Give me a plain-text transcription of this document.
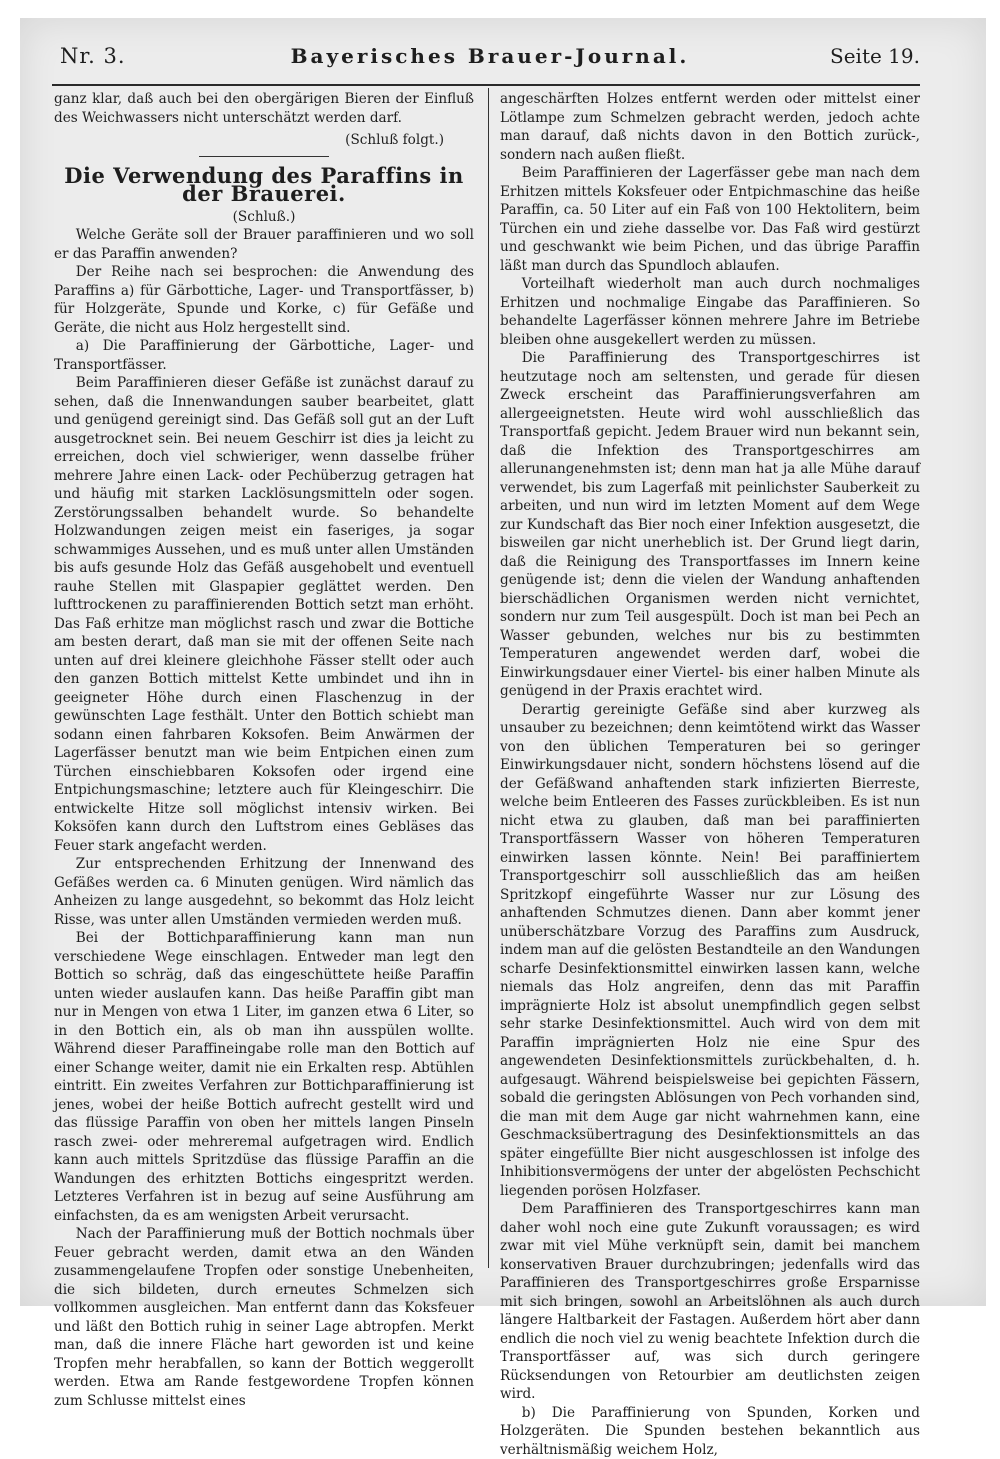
Nr. 3.	Bayerisches Brauer-Journal.	Seite 19.

ganz klar, daß auch bei den obergärigen Bieren der Einfluß des Weichwassers nicht unterschätzt werden darf.

(Schluß folgt.)
Die Verwendung des Paraffins in der Brauerei.

(Schluß.)

Welche Geräte soll der Brauer paraffinieren und wo soll er das Paraffin anwenden?

Der Reihe nach sei besprochen: die Anwendung des Paraffins a) für Gärbottiche, Lager- und Transportfässer, b) für Holzgeräte, Spunde und Korke, c) für Gefäße und Geräte, die nicht aus Holz hergestellt sind.

a) Die Paraffinierung der Gärbottiche, Lager- und Transportfässer.

Beim Paraffinieren dieser Gefäße ist zunächst darauf zu sehen, daß die Innenwandungen sauber bearbeitet, glatt und genügend gereinigt sind. Das Gefäß soll gut an der Luft ausgetrocknet sein. Bei neuem Geschirr ist dies ja leicht zu erreichen, doch viel schwieriger, wenn dasselbe früher mehrere Jahre einen Lack- oder Pechüberzug getragen hat und häufig mit starken Lacklösungsmitteln oder sogen. Zerstörungssalben behandelt wurde. So behandelte Holzwandungen zeigen meist ein faseriges, ja sogar schwammiges Aussehen, und es muß unter allen Umständen bis aufs gesunde Holz das Gefäß ausgehobelt und eventuell rauhe Stellen mit Glaspapier geglättet werden. Den lufttrockenen zu paraffinierenden Bottich setzt man erhöht. Das Faß erhitze man möglichst rasch und zwar die Bottiche am besten derart, daß man sie mit der offenen Seite nach unten auf drei kleinere gleichhohe Fässer stellt oder auch den ganzen Bottich mittelst Kette umbindet und ihn in geeigneter Höhe durch einen Flaschenzug in der gewünschten Lage festhält. Unter den Bottich schiebt man sodann einen fahrbaren Koksofen. Beim Anwärmen der Lagerfässer benutzt man wie beim Entpichen einen zum Türchen einschiebbaren Koksofen oder irgend eine Entpichungsmaschine; letztere auch für Kleingeschirr. Die entwickelte Hitze soll möglichst intensiv wirken. Bei Koksöfen kann durch den Luftstrom eines Gebläses das Feuer stark angefacht werden.

Zur entsprechenden Erhitzung der Innenwand des Gefäßes werden ca. 6 Minuten genügen. Wird nämlich das Anheizen zu lange ausgedehnt, so bekommt das Holz leicht Risse, was unter allen Umständen vermieden werden muß.

Bei der Bottichparaffinierung kann man nun verschiedene Wege einschlagen. Entweder man legt den Bottich so schräg, daß das eingeschüttete heiße Paraffin unten wieder auslaufen kann. Das heiße Paraffin gibt man nur in Mengen von etwa 1 Liter, im ganzen etwa 6 Liter, so in den Bottich ein, als ob man ihn ausspülen wollte. Während dieser Paraffineingabe rolle man den Bottich auf einer Schange weiter, damit nie ein Erkalten resp. Abtühlen eintritt. Ein zweites Verfahren zur Bottichparaffinierung ist jenes, wobei der heiße Bottich aufrecht gestellt wird und das flüssige Paraffin von oben her mittels langen Pinseln rasch zwei- oder mehreremal aufgetragen wird. Endlich kann auch mittels Spritzdüse das flüssige Paraffin an die Wandungen des erhitzten Bottichs eingespritzt werden. Letzteres Verfahren ist in bezug auf seine Ausführung am einfachsten, da es am wenigsten Arbeit verursacht.

Nach der Paraffinierung muß der Bottich nochmals über Feuer gebracht werden, damit etwa an den Wänden zusammengelaufene Tropfen oder sonstige Unebenheiten, die sich bildeten, durch erneutes Schmelzen sich vollkommen ausgleichen. Man entfernt dann das Koksfeuer und läßt den Bottich ruhig in seiner Lage abtropfen. Merkt man, daß die innere Fläche hart geworden ist und keine Tropfen mehr herabfallen, so kann der Bottich weggerollt werden. Etwa am Rande festgewordene Tropfen können zum Schlusse mittelst eines

angeschärften Holzes entfernt werden oder mittelst einer Lötlampe zum Schmelzen gebracht werden, jedoch achte man darauf, daß nichts davon in den Bottich zurück-, sondern nach außen fließt.

Beim Paraffinieren der Lagerfässer gebe man nach dem Erhitzen mittels Koksfeuer oder Entpichmaschine das heiße Paraffin, ca. 50 Liter auf ein Faß von 100 Hektolitern, beim Türchen ein und ziehe dasselbe vor. Das Faß wird gestürzt und geschwankt wie beim Pichen, und das übrige Paraffin läßt man durch das Spundloch ablaufen.

Vorteilhaft wiederholt man auch durch nochmaliges Erhitzen und nochmalige Eingabe das Paraffinieren. So behandelte Lagerfässer können mehrere Jahre im Betriebe bleiben ohne ausgekellert werden zu müssen.

Die Paraffinierung des Transportgeschirres ist heutzutage noch am seltensten, und gerade für diesen Zweck erscheint das Paraffinierungsverfahren am allergeeignetsten. Heute wird wohl ausschließlich das Transportfaß gepicht. Jedem Brauer wird nun bekannt sein, daß die Infektion des Transportgeschirres am allerunangenehmsten ist; denn man hat ja alle Mühe darauf verwendet, bis zum Lagerfaß mit peinlichster Sauberkeit zu arbeiten, und nun wird im letzten Moment auf dem Wege zur Kundschaft das Bier noch einer Infektion ausgesetzt, die bisweilen gar nicht unerheblich ist. Der Grund liegt darin, daß die Reinigung des Transportfasses im Innern keine genügende ist; denn die vielen der Wandung anhaftenden bierschädlichen Organismen werden nicht vernichtet, sondern nur zum Teil ausgespült. Doch ist man bei Pech an Wasser gebunden, welches nur bis zu bestimmten Temperaturen angewendet werden darf, wobei die Einwirkungsdauer einer Viertel- bis einer halben Minute als genügend in der Praxis erachtet wird.

Derartig gereinigte Gefäße sind aber kurzweg als unsauber zu bezeichnen; denn keimtötend wirkt das Wasser von den üblichen Temperaturen bei so geringer Einwirkungsdauer nicht, sondern höchstens lösend auf die der Gefäßwand anhaftenden stark infizierten Bierreste, welche beim Entleeren des Fasses zurückbleiben. Es ist nun nicht etwa zu glauben, daß man bei paraffinierten Transportfässern Wasser von höheren Temperaturen einwirken lassen könnte. Nein! Bei paraffiniertem Transportgeschirr soll ausschließlich das am heißen Spritzkopf eingeführte Wasser nur zur Lösung des anhaftenden Schmutzes dienen. Dann aber kommt jener unüberschätzbare Vorzug des Paraffins zum Ausdruck, indem man auf die gelösten Bestandteile an den Wandungen scharfe Desinfektionsmittel einwirken lassen kann, welche niemals das Holz angreifen, denn das mit Paraffin imprägnierte Holz ist absolut unempfindlich gegen selbst sehr starke Desinfektionsmittel. Auch wird von dem mit Paraffin imprägnierten Holz nie eine Spur des angewendeten Desinfektionsmittels zurückbehalten, d. h. aufgesaugt. Während beispielsweise bei gepichten Fässern, sobald die geringsten Ablösungen von Pech vorhanden sind, die man mit dem Auge gar nicht wahrnehmen kann, eine Geschmacksübertragung des Desinfektionsmittels an das später eingefüllte Bier nicht ausgeschlossen ist infolge des Inhibitionsvermögens der unter der abgelösten Pechschicht liegenden porösen Holzfaser.

Dem Paraffinieren des Transportgeschirres kann man daher wohl noch eine gute Zukunft voraussagen; es wird zwar mit viel Mühe verknüpft sein, damit bei manchem konservativen Brauer durchzubringen; jedenfalls wird das Paraffinieren des Transportgeschirres große Ersparnisse mit sich bringen, sowohl an Arbeitslöhnen als auch durch längere Haltbarkeit der Fastagen. Außerdem hört aber dann endlich die noch viel zu wenig beachtete Infektion durch die Transportfässer auf, was sich durch geringere Rücksendungen von Retourbier am deutlichsten zeigen wird.

b) Die Paraffinierung von Spunden, Korken und Holzgeräten. Die Spunden bestehen bekanntlich aus verhältnismäßig weichem Holz,
